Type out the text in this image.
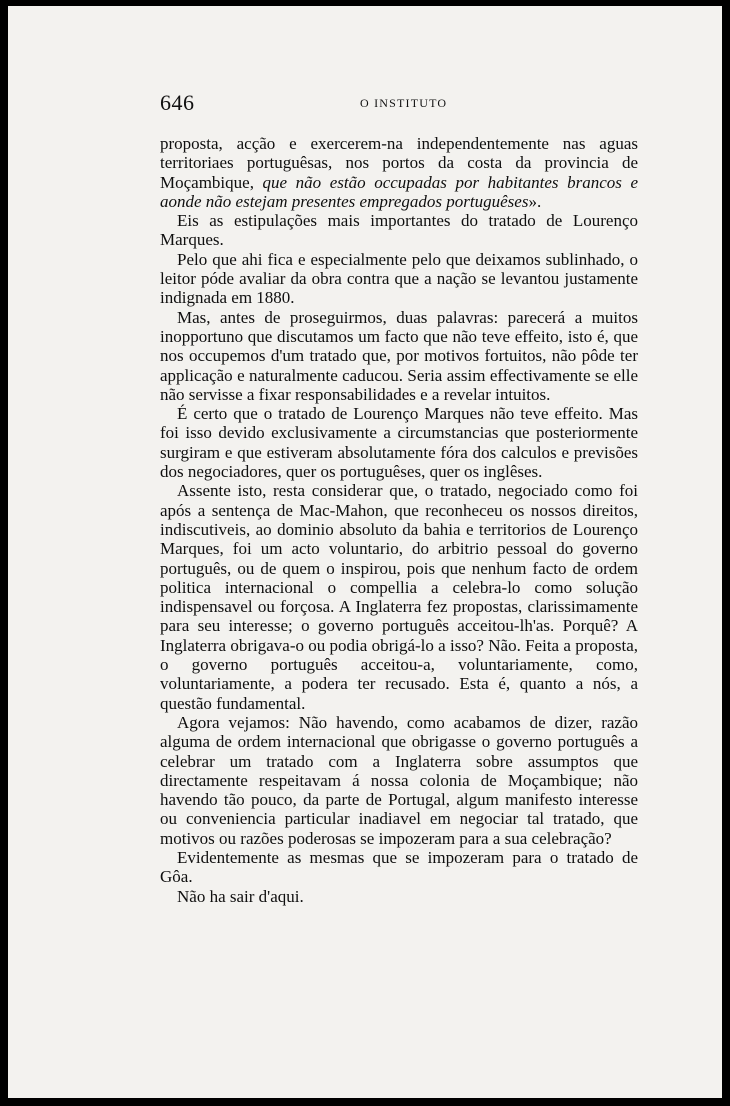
646	O INSTITUTO

proposta, acção e exercerem-na independentemente nas aguas territoriaes portuguêsas, nos portos da costa da provincia de Moçambique, que não estão occupadas por habitantes brancos e aonde não estejam presentes empregados portuguêses».

Eis as estipulações mais importantes do tratado de Lourenço Marques.

Pelo que ahi fica e especialmente pelo que deixamos sublinhado, o leitor póde avaliar da obra contra que a nação se levantou justamente indignada em 1880.

Mas, antes de proseguirmos, duas palavras: parecerá a muitos inopportuno que discutamos um facto que não teve effeito, isto é, que nos occupemos d'um tratado que, por motivos fortuitos, não pôde ter applicação e naturalmente caducou. Seria assim effectivamente se elle não servisse a fixar responsabilidades e a revelar intuitos.

É certo que o tratado de Lourenço Marques não teve effeito. Mas foi isso devido exclusivamente a circumstancias que posteriormente surgiram e que estiveram absolutamente fóra dos calculos e previsões dos negociadores, quer os portuguêses, quer os inglêses.

Assente isto, resta considerar que, o tratado, negociado como foi após a sentença de Mac-Mahon, que reconheceu os nossos direitos, indiscutiveis, ao dominio absoluto da bahia e territorios de Lourenço Marques, foi um acto voluntario, do arbitrio pessoal do governo português, ou de quem o inspirou, pois que nenhum facto de ordem politica internacional o compellia a celebra-lo como solução indispensavel ou forçosa. A Inglaterra fez propostas, clarissimamente para seu interesse; o governo português acceitou-lh'as. Porquê? A Inglaterra obrigava-o ou podia obrigá-lo a isso? Não. Feita a proposta, o governo português acceitou-a, voluntariamente, como, voluntariamente, a podera ter recusado. Esta é, quanto a nós, a questão fundamental.

Agora vejamos: Não havendo, como acabamos de dizer, razão alguma de ordem internacional que obrigasse o governo português a celebrar um tratado com a Inglaterra sobre assumptos que directamente respeitavam á nossa colonia de Moçambique; não havendo tão pouco, da parte de Portugal, algum manifesto interesse ou conveniencia particular inadiavel em negociar tal tratado, que motivos ou razões poderosas se impozeram para a sua celebração?

Evidentemente as mesmas que se impozeram para o tratado de Gôa.

Não ha sair d'aqui.
